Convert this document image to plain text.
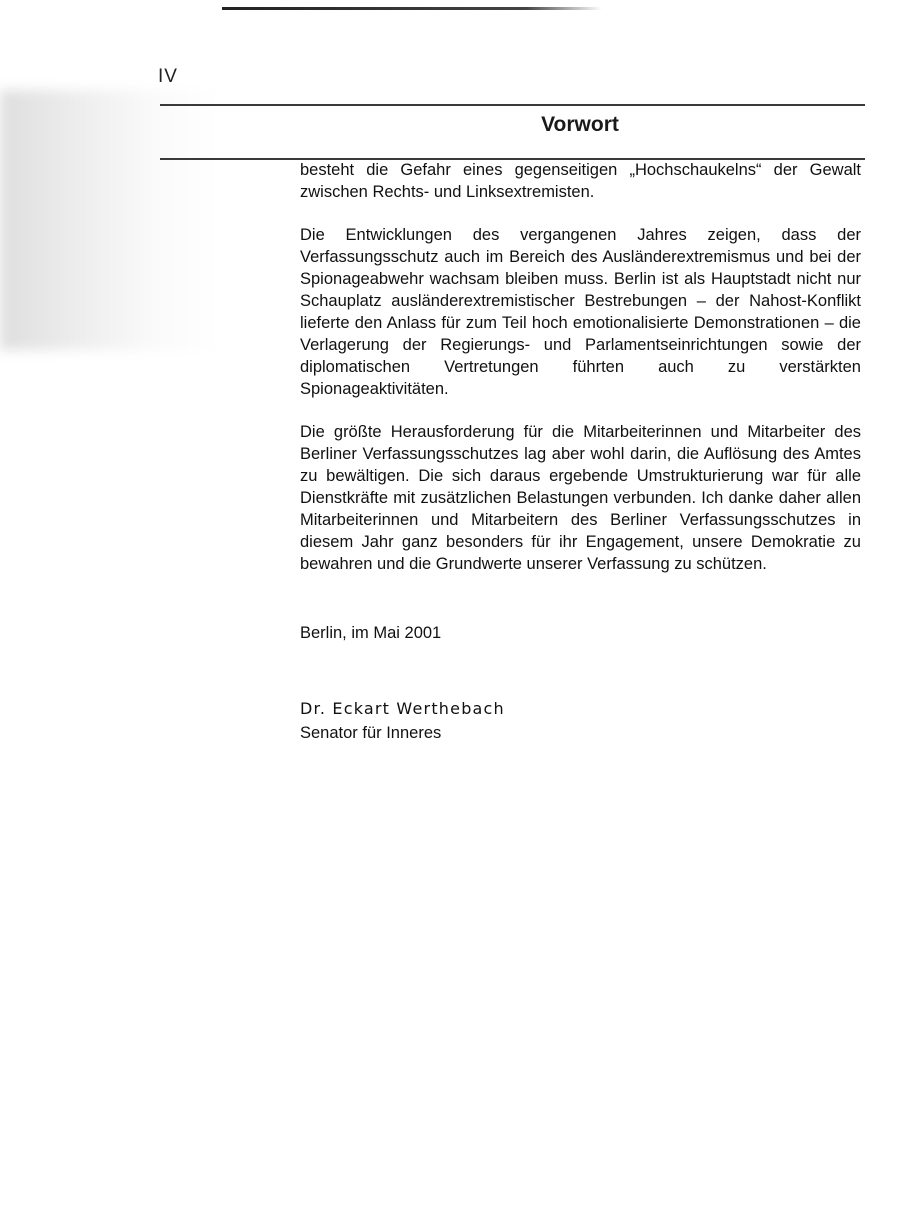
IV
Vorwort

besteht die Gefahr eines gegenseitigen „Hochschaukelns“ der Gewalt zwischen Rechts- und Linksextremisten.

Die Entwicklungen des vergangenen Jahres zeigen, dass der Verfassungsschutz auch im Bereich des Ausländerextremismus und bei der Spionageabwehr wachsam bleiben muss. Berlin ist als Hauptstadt nicht nur Schauplatz ausländerextremistischer Bestrebungen – der Nahost-Konflikt lieferte den Anlass für zum Teil hoch emotionalisierte Demonstrationen – die Verlagerung der Regierungs- und Parlamentseinrichtungen sowie der diplomatischen Vertretungen führten auch zu verstärkten Spionageaktivitäten.

Die größte Herausforderung für die Mitarbeiterinnen und Mitarbeiter des Berliner Verfassungsschutzes lag aber wohl darin, die Auflösung des Amtes zu bewältigen. Die sich daraus ergebende Umstrukturierung war für alle Dienstkräfte mit zusätzlichen Belastungen verbunden. Ich danke daher allen Mitarbeiterinnen und Mitarbeitern des Berliner Verfassungsschutzes in diesem Jahr ganz besonders für ihr Engagement, unsere Demokratie zu bewahren und die Grundwerte unserer Verfassung zu schützen.

Berlin, im Mai 2001
Dr. Eckart Werthebach
Senator für Inneres
